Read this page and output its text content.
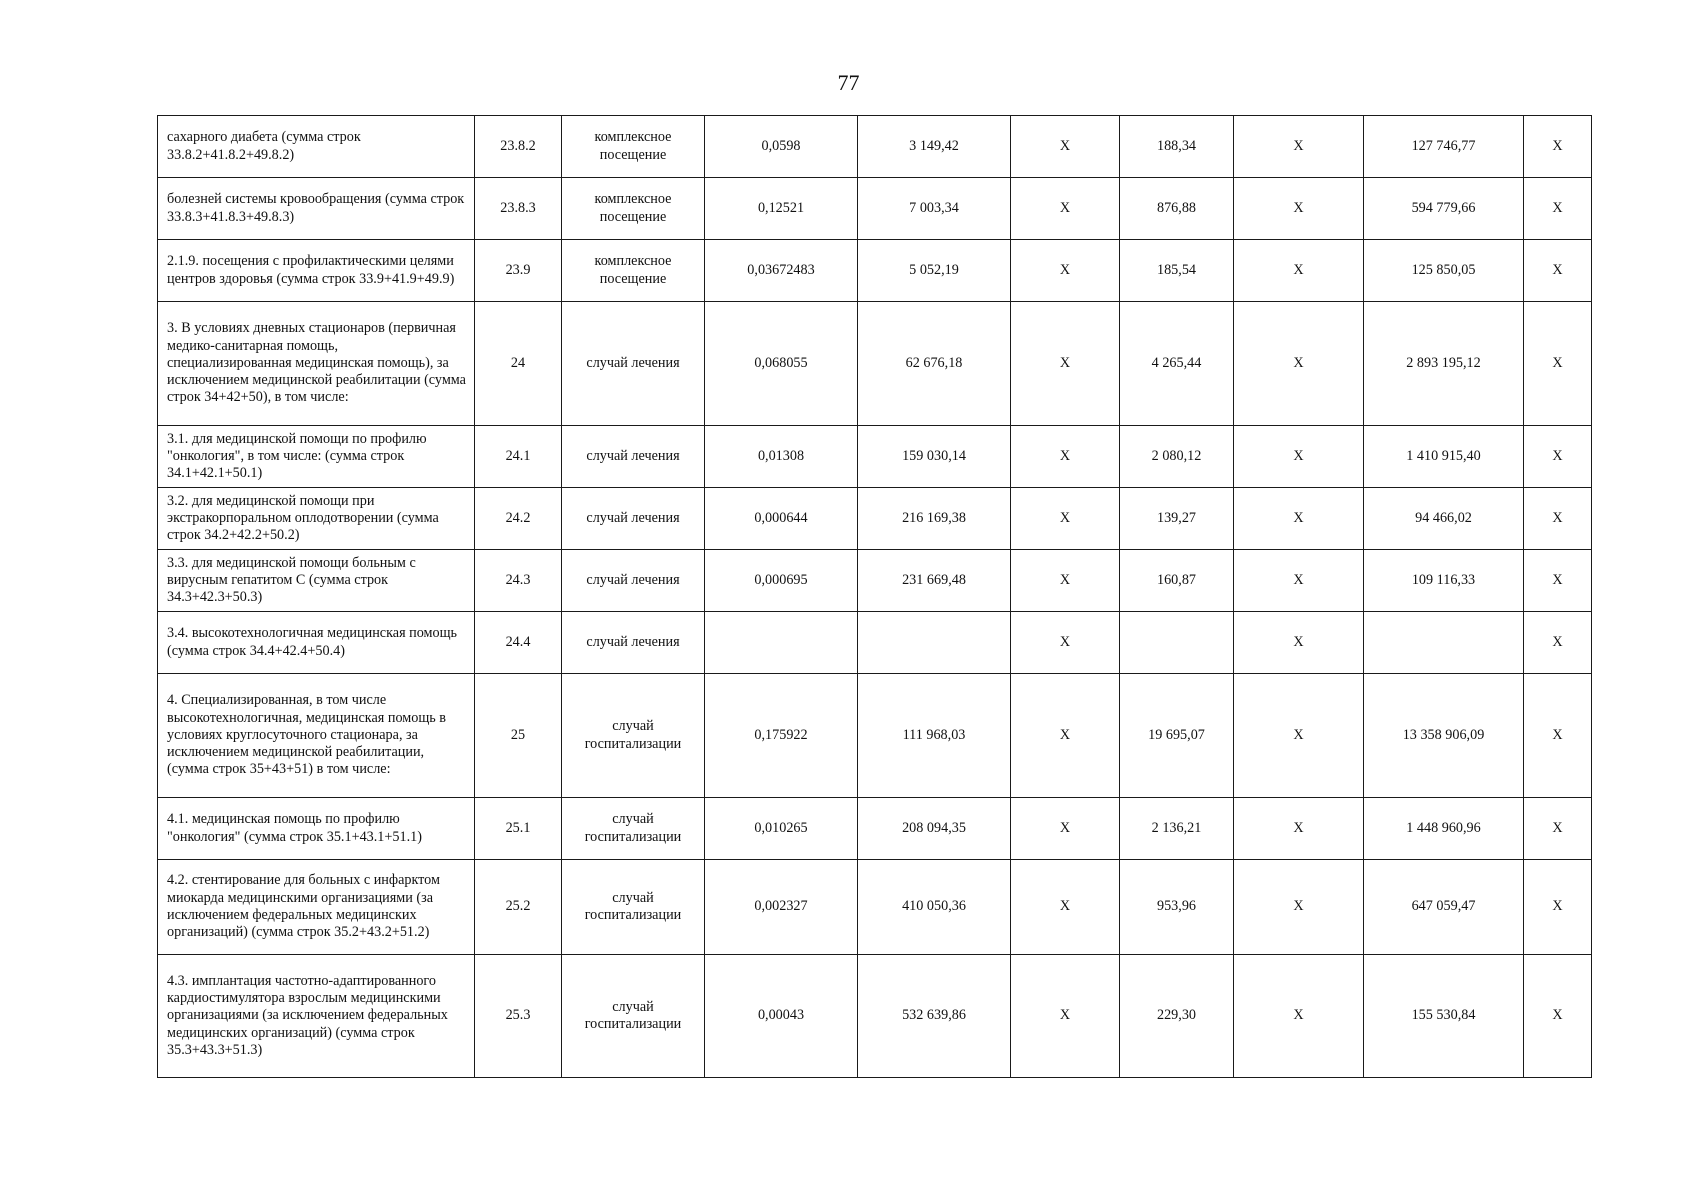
77
сахарного диабета (сумма строк 33.8.2+41.8.2+49.8.2)	23.8.2	комплексное посещение	0,0598	3 149,42	X	188,34	X	127 746,77	X
болезней системы кровообращения (сумма строк 33.8.3+41.8.3+49.8.3)	23.8.3	комплексное посещение	0,12521	7 003,34	X	876,88	X	594 779,66	X
2.1.9. посещения с профилактическими целями центров здоровья (сумма строк 33.9+41.9+49.9)	23.9	комплексное посещение	0,03672483	5 052,19	X	185,54	X	125 850,05	X
3. В условиях дневных стационаров (первичная медико-санитарная помощь, специализированная медицинская помощь), за исключением медицинской реабилитации (сумма строк 34+42+50), в том числе:	24	случай лечения	0,068055	62 676,18	X	4 265,44	X	2 893 195,12	X
3.1. для медицинской помощи по профилю "онкология", в том числе: (сумма строк 34.1+42.1+50.1)	24.1	случай лечения	0,01308	159 030,14	X	2 080,12	X	1 410 915,40	X
3.2. для медицинской помощи при экстракорпоральном оплодотворении (сумма строк 34.2+42.2+50.2)	24.2	случай лечения	0,000644	216 169,38	X	139,27	X	94 466,02	X
3.3. для медицинской помощи больным с вирусным гепатитом С (сумма строк 34.3+42.3+50.3)	24.3	случай лечения	0,000695	231 669,48	X	160,87	X	109 116,33	X
3.4. высокотехнологичная медицинская помощь (сумма строк 34.4+42.4+50.4)	24.4	случай лечения			X		X		X
4. Специализированная, в том числе высокотехнологичная, медицинская помощь в условиях круглосуточного стационара, за исключением медицинской реабилитации, (сумма строк 35+43+51) в том числе:	25	случай госпитализации	0,175922	111 968,03	X	19 695,07	X	13 358 906,09	X
4.1. медицинская помощь по профилю "онкология" (сумма строк 35.1+43.1+51.1)	25.1	случай госпитализации	0,010265	208 094,35	X	2 136,21	X	1 448 960,96	X
4.2. стентирование для больных с инфарктом миокарда медицинскими организациями (за исключением федеральных медицинских организаций) (сумма строк 35.2+43.2+51.2)	25.2	случай госпитализации	0,002327	410 050,36	X	953,96	X	647 059,47	X
4.3. имплантация частотно-адаптированного кардиостимулятора взрослым медицинскими организациями (за исключением федеральных медицинских организаций) (сумма строк 35.3+43.3+51.3)	25.3	случай госпитализации	0,00043	532 639,86	X	229,30	X	155 530,84	X
